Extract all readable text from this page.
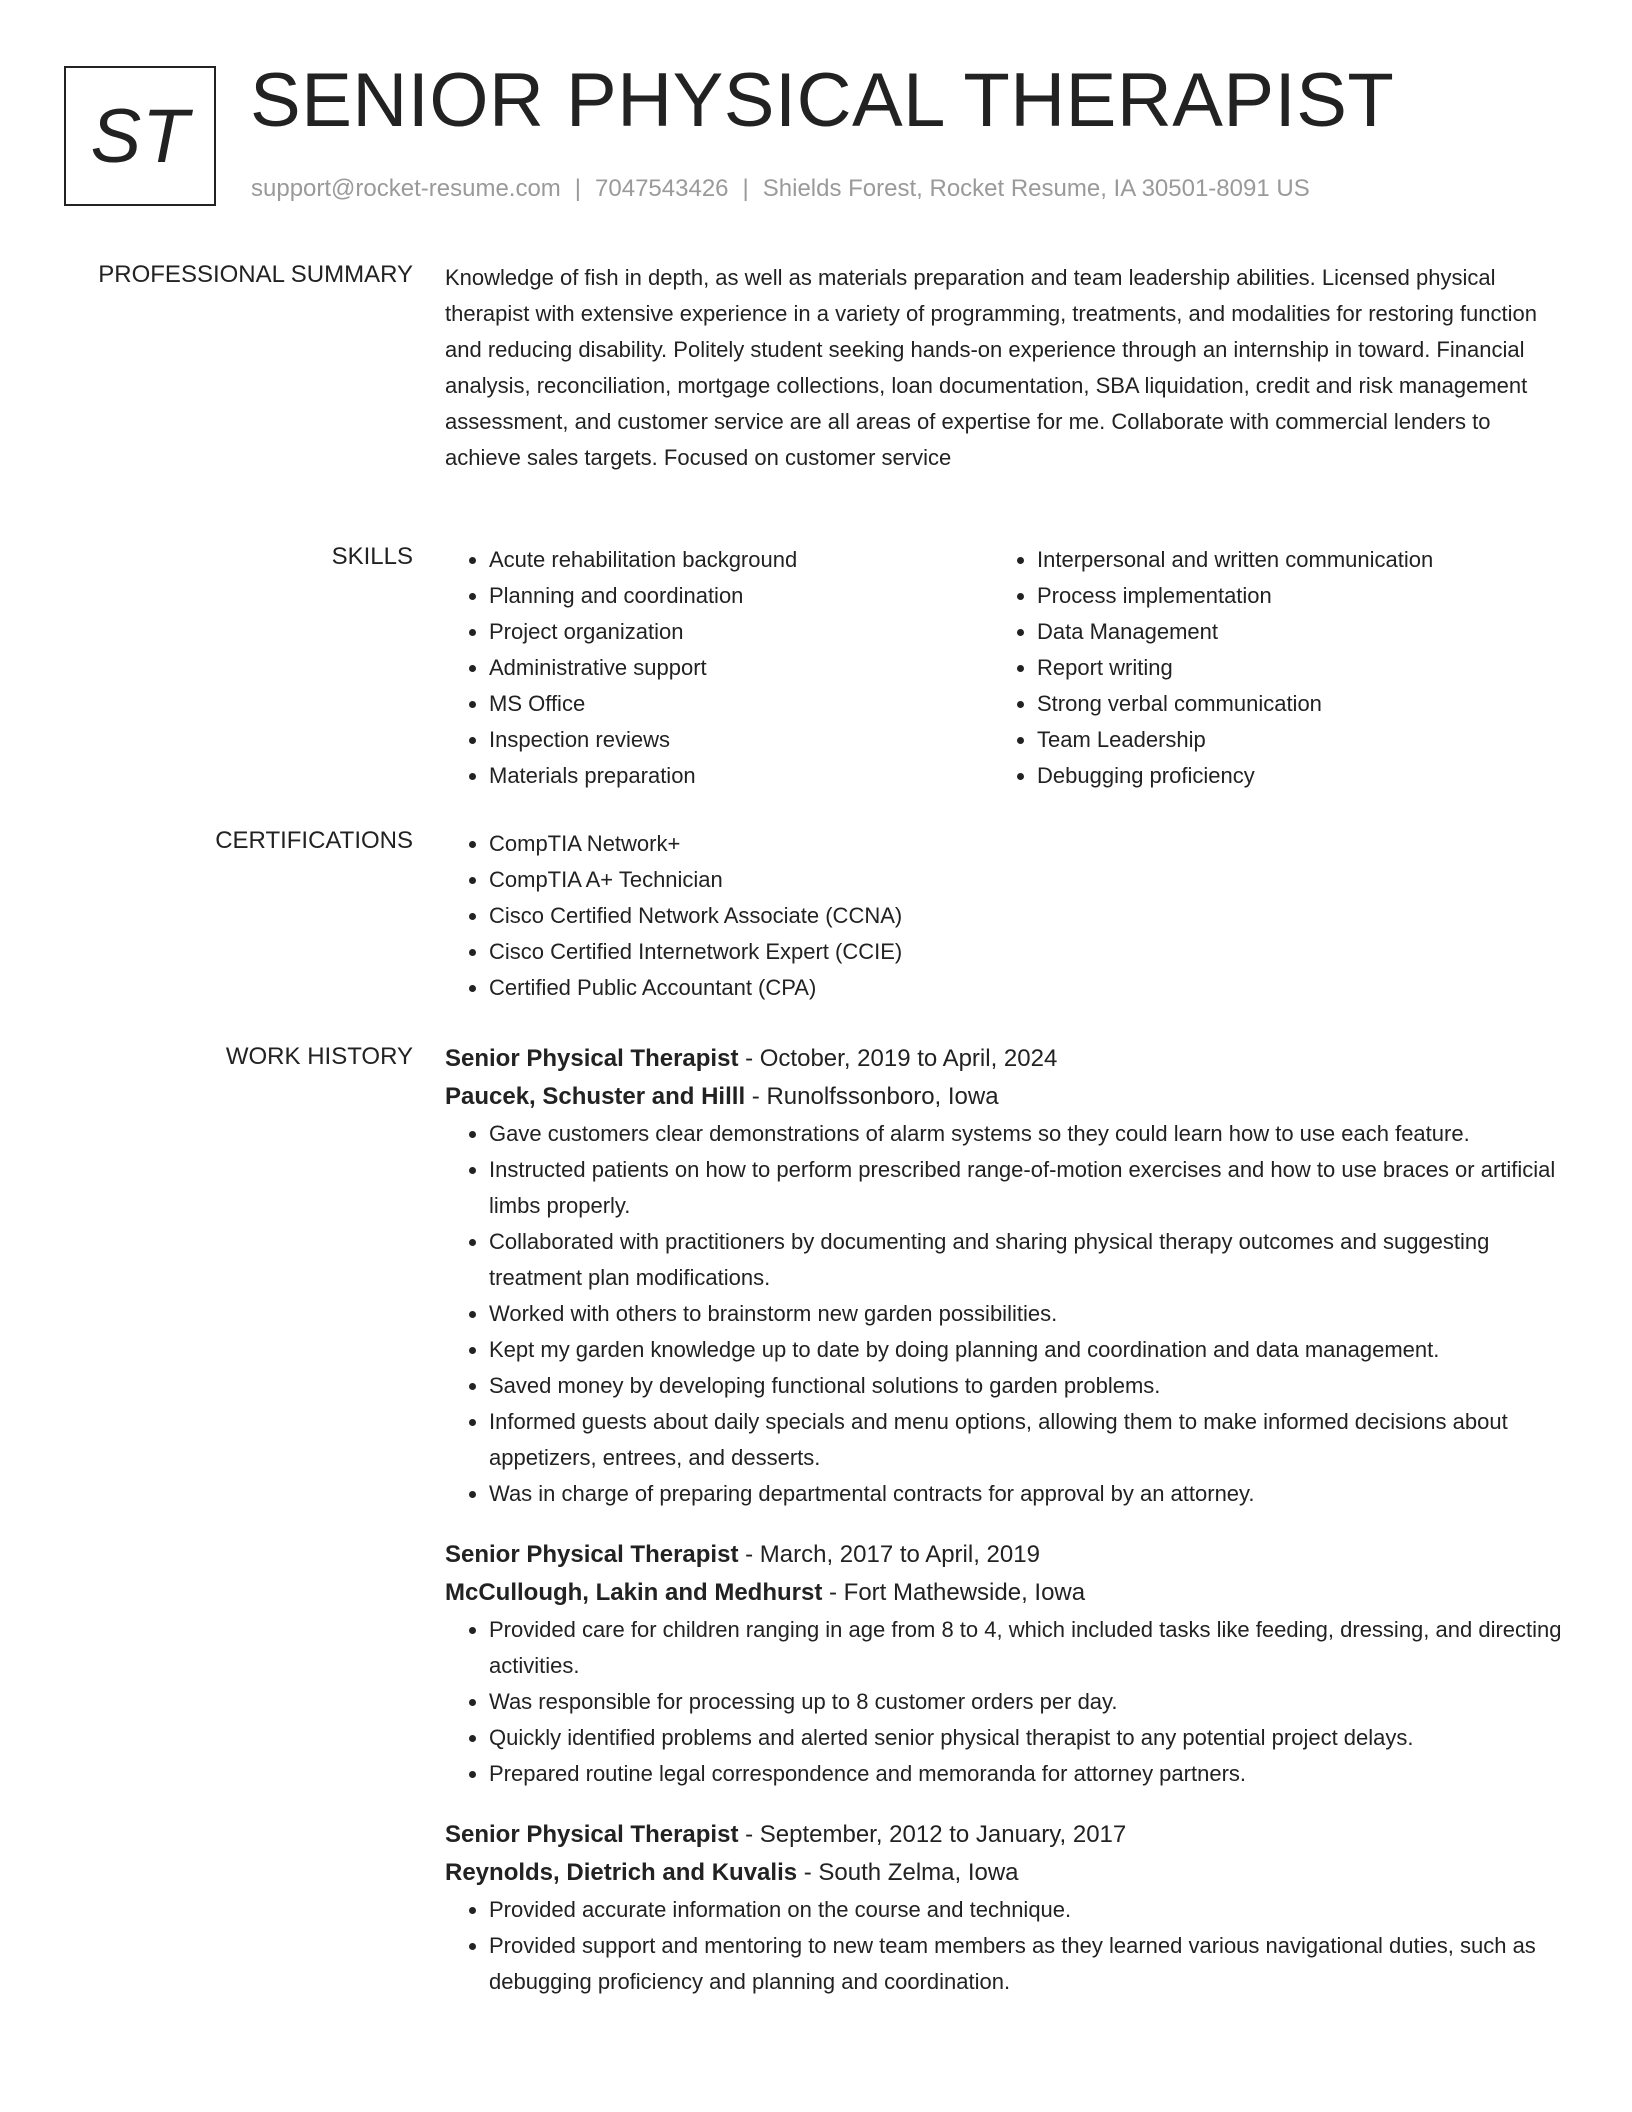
ST SENIOR PHYSICAL THERAPIST
support@rocket-resume.com | 7047543426 | Shields Forest, Rocket Resume, IA 30501-8091 US
PROFESSIONAL SUMMARY Knowledge of fish in depth, as well as materials preparation and team leadership abilities. Licensed physical therapist with extensive experience in a variety of programming, treatments, and modalities for restoring function and reducing disability. Politely student seeking hands-on experience through an internship in toward. Financial analysis, reconciliation, mortgage collections, loan documentation, SBA liquidation, credit and risk management assessment, and customer service are all areas of expertise for me. Collaborate with commercial lenders to achieve sales targets. Focused on customer service

SKILLS	• Acute rehabilitation background
• Planning and coordination
• Project organization
• Administrative support
• MS Office
• Inspection reviews
• Materials preparation
• Interpersonal and written communication
• Process implementation
• Data Management
• Report writing
• Strong verbal communication
• Team Leadership
• Debugging proficiency
CERTIFICATIONS	• CompTIA Network+
• CompTIA A+ Technician
• Cisco Certified Network Associate (CCNA)
• Cisco Certified Internetwork Expert (CCIE)
• Certified Public Accountant (CPA)
WORK HISTORY Senior Physical Therapist - October, 2019 to April, 2024
Paucek, Schuster and Hilll - Runolfssonboro, Iowa
• Gave customers clear demonstrations of alarm systems so they could learn how to use each feature.
• Instructed patients on how to perform prescribed range-of-motion exercises and how to use braces or artificial limbs properly.
• Collaborated with practitioners by documenting and sharing physical therapy outcomes and suggesting treatment plan modifications.
• Worked with others to brainstorm new garden possibilities.
• Kept my garden knowledge up to date by doing planning and coordination and data management.
• Saved money by developing functional solutions to garden problems.
• Informed guests about daily specials and menu options, allowing them to make informed decisions about appetizers, entrees, and desserts.
• Was in charge of preparing departmental contracts for approval by an attorney.
Senior Physical Therapist - March, 2017 to April, 2019
McCullough, Lakin and Medhurst - Fort Mathewside, Iowa
• Provided care for children ranging in age from 8 to 4, which included tasks like feeding, dressing, and directing activities.
• Was responsible for processing up to 8 customer orders per day.
• Quickly identified problems and alerted senior physical therapist to any potential project delays.
• Prepared routine legal correspondence and memoranda for attorney partners.
Senior Physical Therapist - September, 2012 to January, 2017
Reynolds, Dietrich and Kuvalis - South Zelma, Iowa
• Provided accurate information on the course and technique.
• Provided support and mentoring to new team members as they learned various navigational duties, such as debugging proficiency and planning and coordination.
